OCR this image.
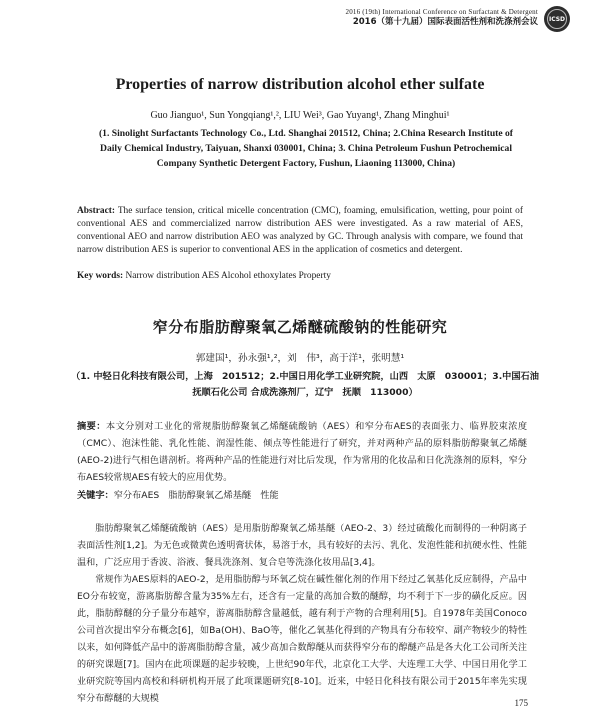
2016 (19th) International Conference on Surfactant & Detergent
2016（第十九届）国际表面活性剂和洗涤剂会议 ICSD
Properties of narrow distribution alcohol ether sulfate
Guo Jianguo¹, Sun Yongqiang¹,², LIU Wei³, Gao Yuyang¹, Zhang Minghui¹
(1. Sinolight Surfactants Technology Co., Ltd. Shanghai 201512, China; 2.China Research Institute of Daily Chemical Industry, Taiyuan, Shanxi 030001, China; 3. China Petroleum Fushun Petrochemical Company Synthetic Detergent Factory, Fushun, Liaoning 113000, China)
Abstract: The surface tension, critical micelle concentration (CMC), foaming, emulsification, wetting, pour point of conventional AES and commercialized narrow distribution AES were investigated. As a raw material of AES, conventional AEO and narrow distribution AEO was analyzed by GC. Through analysis with compare, we found that narrow distribution AES is superior to conventional AES in the application of cosmetics and detergent.
Key words: Narrow distribution AES Alcohol ethoxylates Property
窄分布脂肪醇聚氧乙烯醚硫酸钠的性能研究
郭建国¹，孙永强¹,²，刘　伟³，高于洋¹，张明慧¹
（1. 中轻日化科技有限公司，上海　201512；2.中国日用化学工业研究院，山西　太原　030001；3.中国石油抚顺石化公司 合成洗涤剂厂，辽宁　抚顺　113000）
摘要：本文分别对工业化的常规脂肪醇聚氧乙烯醚硫酸钠（AES）和窄分布AES的表面张力、临界胶束浓度（CMC）、泡沫性能、乳化性能、润湿性能、倾点等性能进行了研究，并对两种产品的原料脂肪醇聚氧乙烯醚(AEO-2)进行气相色谱剖析。将两种产品的性能进行对比后发现，作为常用的化妆品和日化洗涤剂的原料，窄分布AES较常规AES有较大的应用优势。
关键字：窄分布AES　脂肪醇聚氧乙烯基醚　性能

脂肪醇聚氧乙烯醚硫酸钠（AES）是用脂肪醇聚氧乙烯基醚（AEO-2、3）经过硫酸化而制得的一种阴离子表面活性剂[1,2]。为无色或微黄色透明膏状体，易溶于水，具有较好的去污、乳化、发泡性能和抗硬水性、性能温和，广泛应用于香波、浴液、餐具洗涤剂、复合皂等洗涤化妆用品[3,4]。

常规作为AES原料的AEO-2，是用脂肪醇与环氧乙烷在碱性催化剂的作用下经过乙氧基化反应制得，产品中EO分布较宽，游离脂肪醇含量为35%左右，还含有一定量的高加合数的醚醇，均不利于下一步的磺化反应。因此，脂肪醇醚的分子量分布越窄，游离脂肪醇含量越低，越有利于产物的合理利用[5]。自1978年美国Conoco公司首次提出窄分布概念[6]，如Ba(OH)、BaO等，催化乙氧基化得到的产物具有分布较窄、副产物较少的特性以来，如何降低产品中的游离脂肪醇含量，减少高加合数醇醚从而获得窄分布的醇醚产品是各大化工公司所关注的研究课题[7]。国内在此项课题的起步较晚，上世纪90年代，北京化工大学、大连理工大学、中国日用化学工业研究院等国内高校和科研机构开展了此项课题研究[8-10]。近来，中轻日化科技有限公司于2015年率先实现窄分布醇醚的大规模	175
